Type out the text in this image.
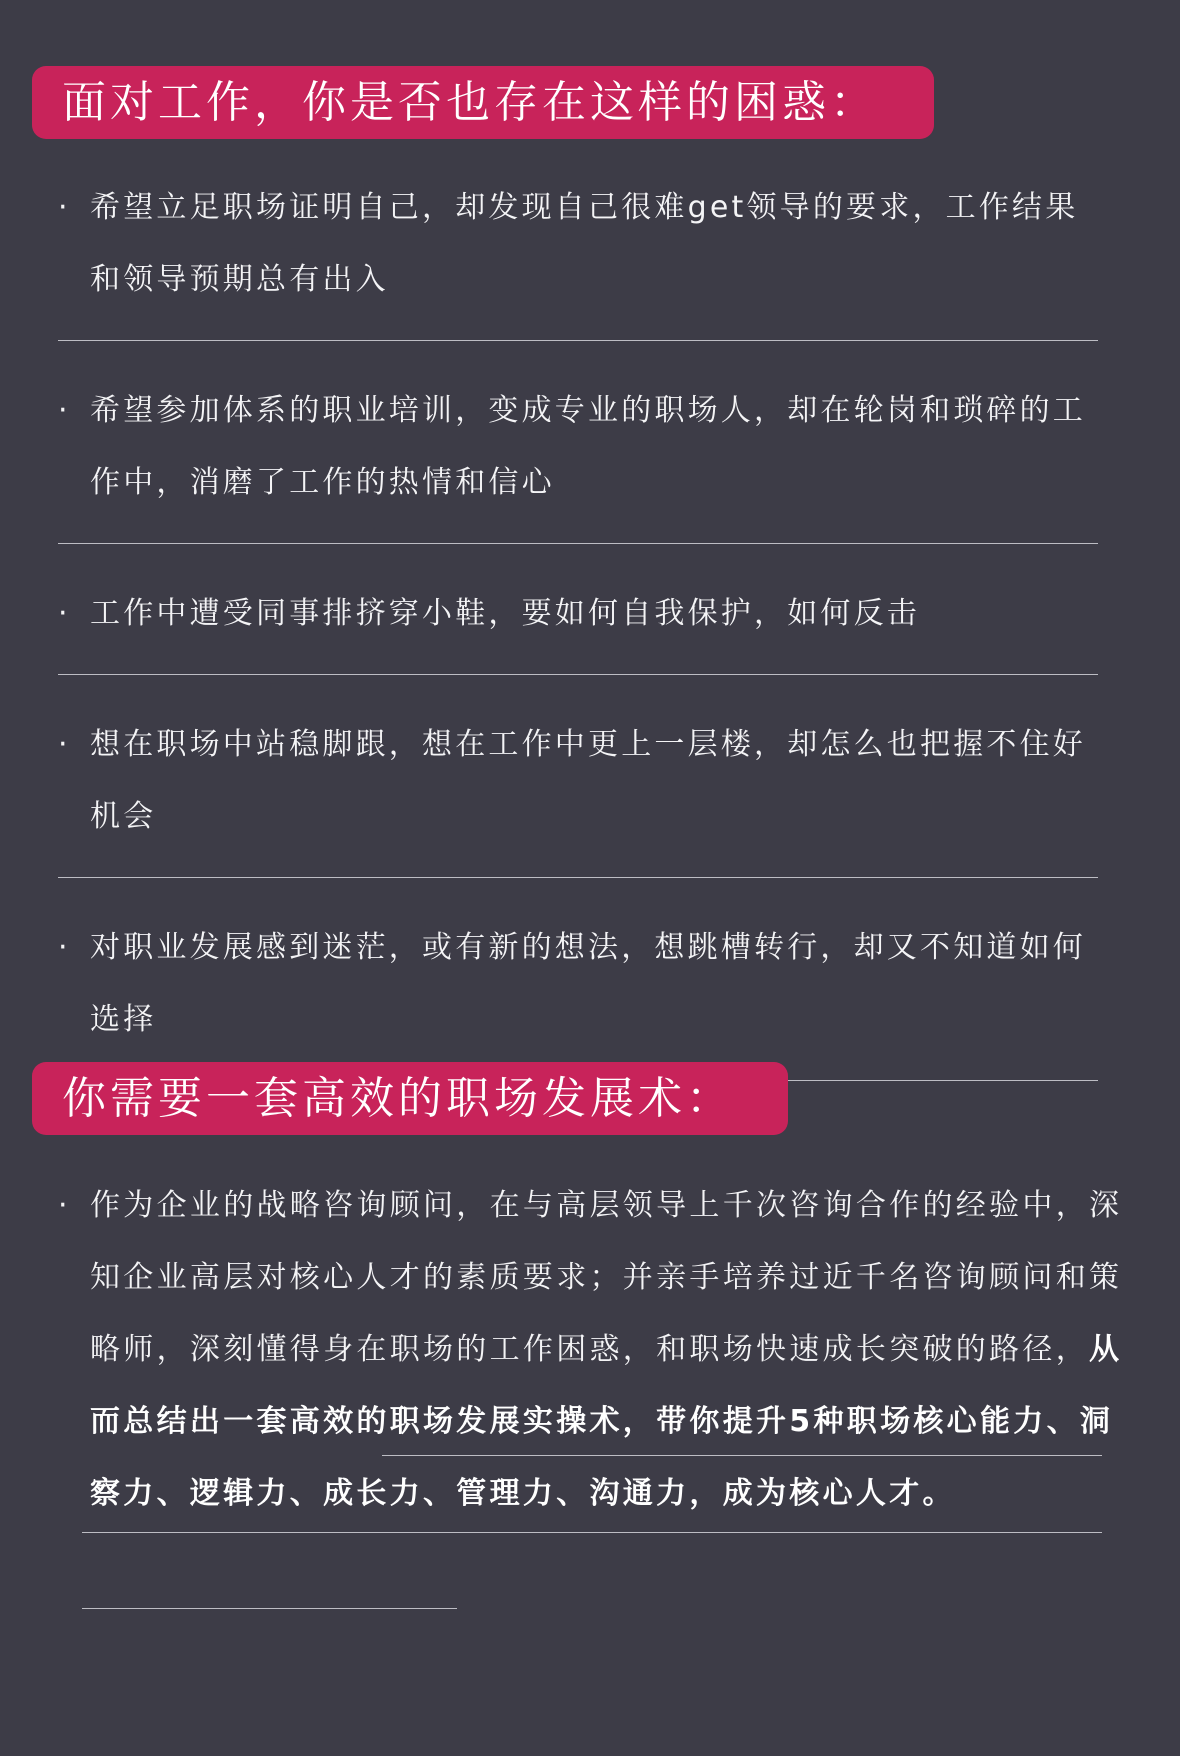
面对工作，你是否也存在这样的困惑：
· 希望立足职场证明自己，却发现自己很难get领导的要求，工作结果和领导预期总有出入
· 希望参加体系的职业培训，变成专业的职场人，却在轮岗和琐碎的工作中，消磨了工作的热情和信心
· 工作中遭受同事排挤穿小鞋，要如何自我保护，如何反击
· 想在职场中站稳脚跟，想在工作中更上一层楼，却怎么也把握不住好机会
· 对职业发展感到迷茫，或有新的想法，想跳槽转行，却又不知道如何选择
你需要一套高效的职场发展术：
· 作为企业的战略咨询顾问，在与高层领导上千次咨询合作的经验中，深知企业高层对核心人才的素质要求；并亲手培养过近千名咨询顾问和策略师，深刻懂得身在职场的工作困惑，和职场快速成长突破的路径，从而总结出一套高效的职场发展实操术，带你提升5种职场核心能力、洞察力、逻辑力、成长力、管理力、沟通力，成为核心人才。
